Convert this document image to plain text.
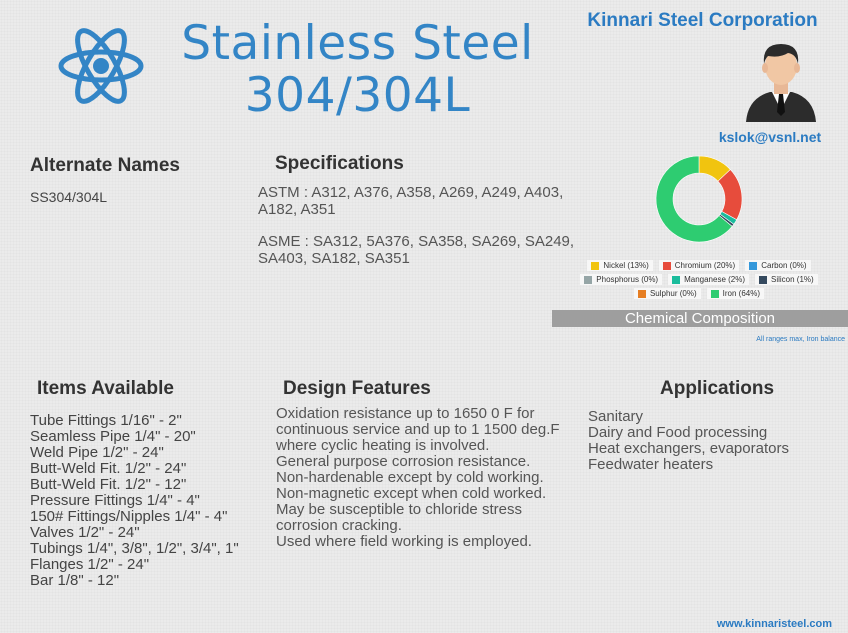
Stainless Steel
304/304L
Kinnari Steel Corporation
kslok@vsnl.net
Alternate Names
SS304/304L
Specifications
ASTM : A312, A376, A358, A269, A249, A403, A182, A351
ASME : SA312, 5A376, SA358, SA269, SA249, SA403, SA182, SA351	Nickel (13%)	Chromium (20%)	Carbon (0%)
Phosphorus (0%)	Manganese (2%)	Silicon (1%)
Sulphur (0%)	Iron (64%)
Chemical Composition
All ranges max, Iron balance
Items Available
Tube Fittings 1/16" - 2"
Seamless Pipe 1/4" - 20"
Weld Pipe 1/2" - 24"
Butt-Weld Fit. 1/2" - 24"
Butt-Weld Fit. 1/2" - 12"
Pressure Fittings 1/4" - 4"
150# Fittings/Nipples 1/4" - 4"
Valves 1/2" - 24"
Tubings 1/4", 3/8", 1/2", 3/4", 1"
Flanges 1/2" - 24"
Bar 1/8" - 12"
Design Features
Oxidation resistance up to 1650 0 F for
continuous service and up to 1 1500 deg.F
where cyclic heating is involved.
General purpose corrosion resistance.
Non-hardenable except by cold working.
Non-magnetic except when cold worked.
May be susceptible to chloride stress
corrosion cracking.
Used where field working is employed.
Applications
Sanitary
Dairy and Food processing
Heat exchangers, evaporators
Feedwater heaters
www.kinnaristeel.com
